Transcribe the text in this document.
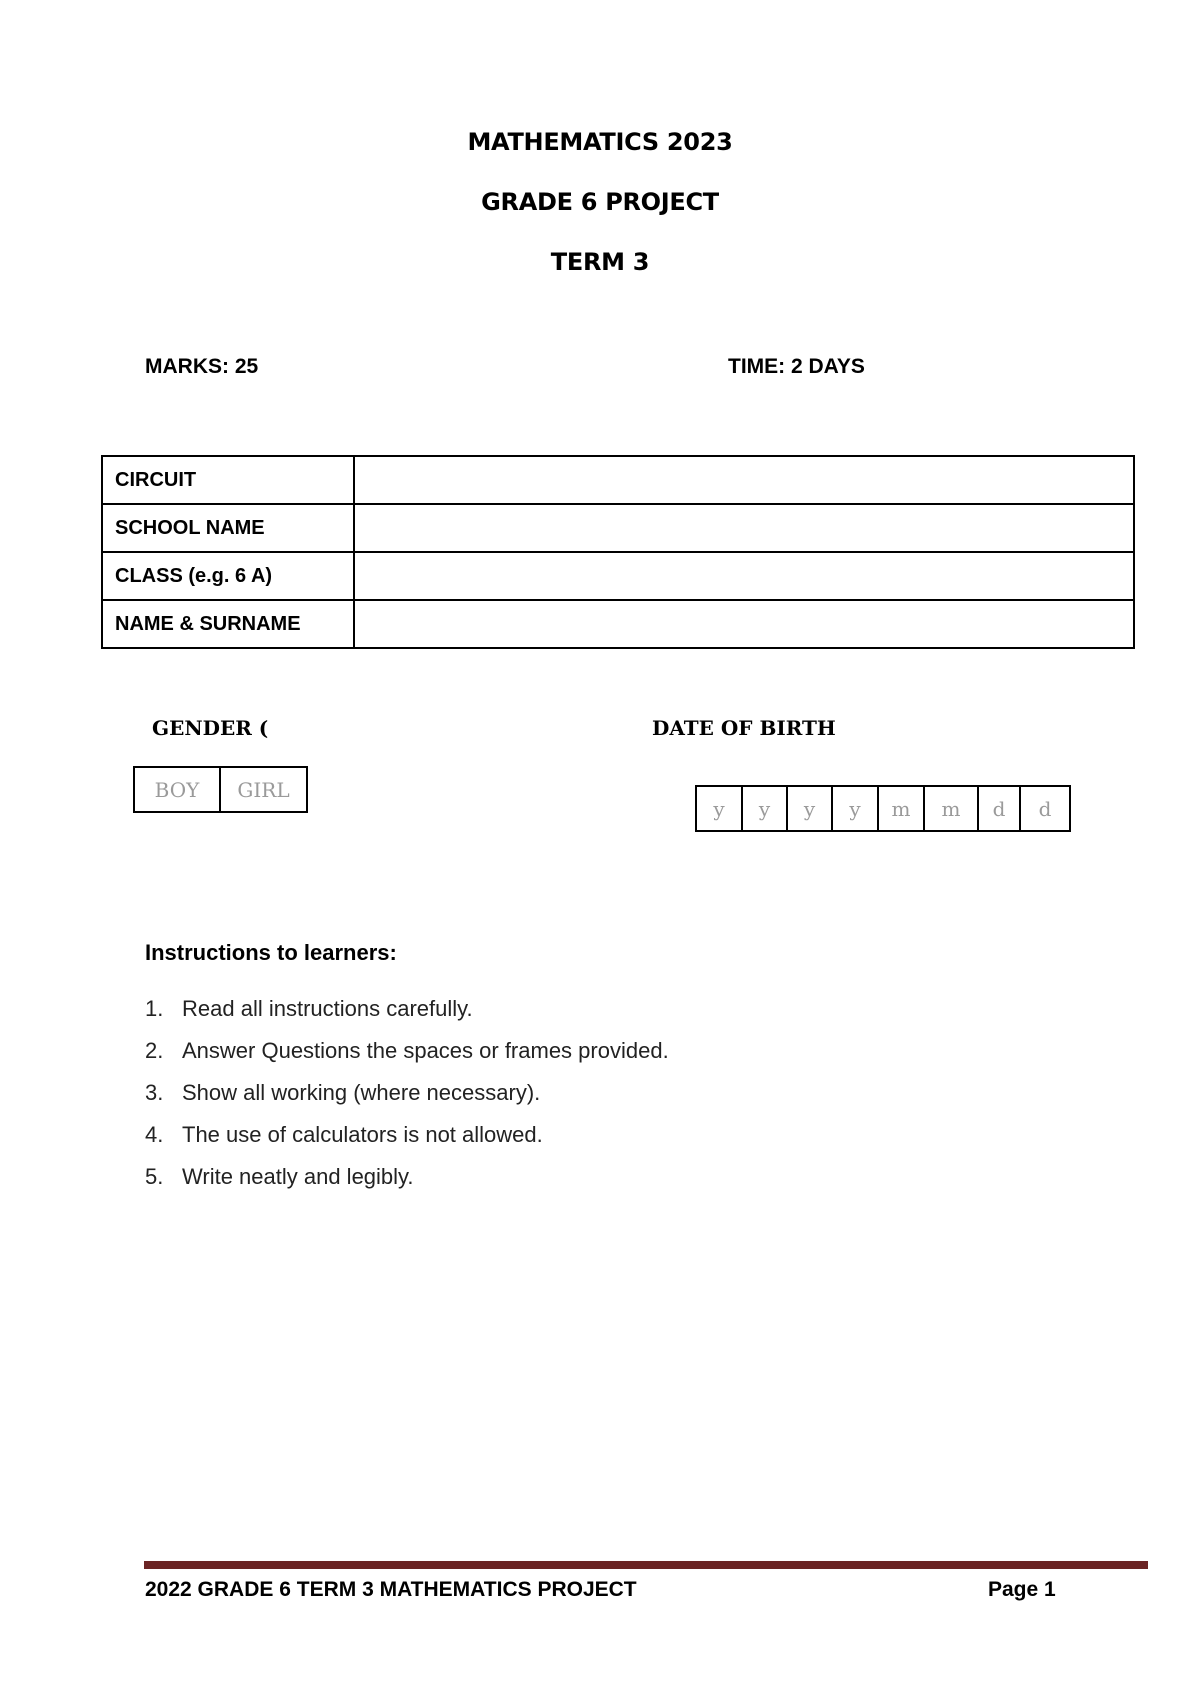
MATHEMATICS 2023
GRADE 6 PROJECT
TERM 3
MARKS: 25	TIME: 2 DAYS
CIRCUIT	
SCHOOL NAME	
CLASS (e.g. 6 A)	
NAME & SURNAME	
GENDER (
BOY	GIRL
DATE OF BIRTH
y	y	y	y	m	m	d	d
Instructions to learners:
1. Read all instructions carefully.
2. Answer Questions the spaces or frames provided.
3. Show all working (where necessary).
4. The use of calculators is not allowed.
5. Write neatly and legibly.
2022 GRADE 6 TERM 3 MATHEMATICS PROJECT	Page 1
